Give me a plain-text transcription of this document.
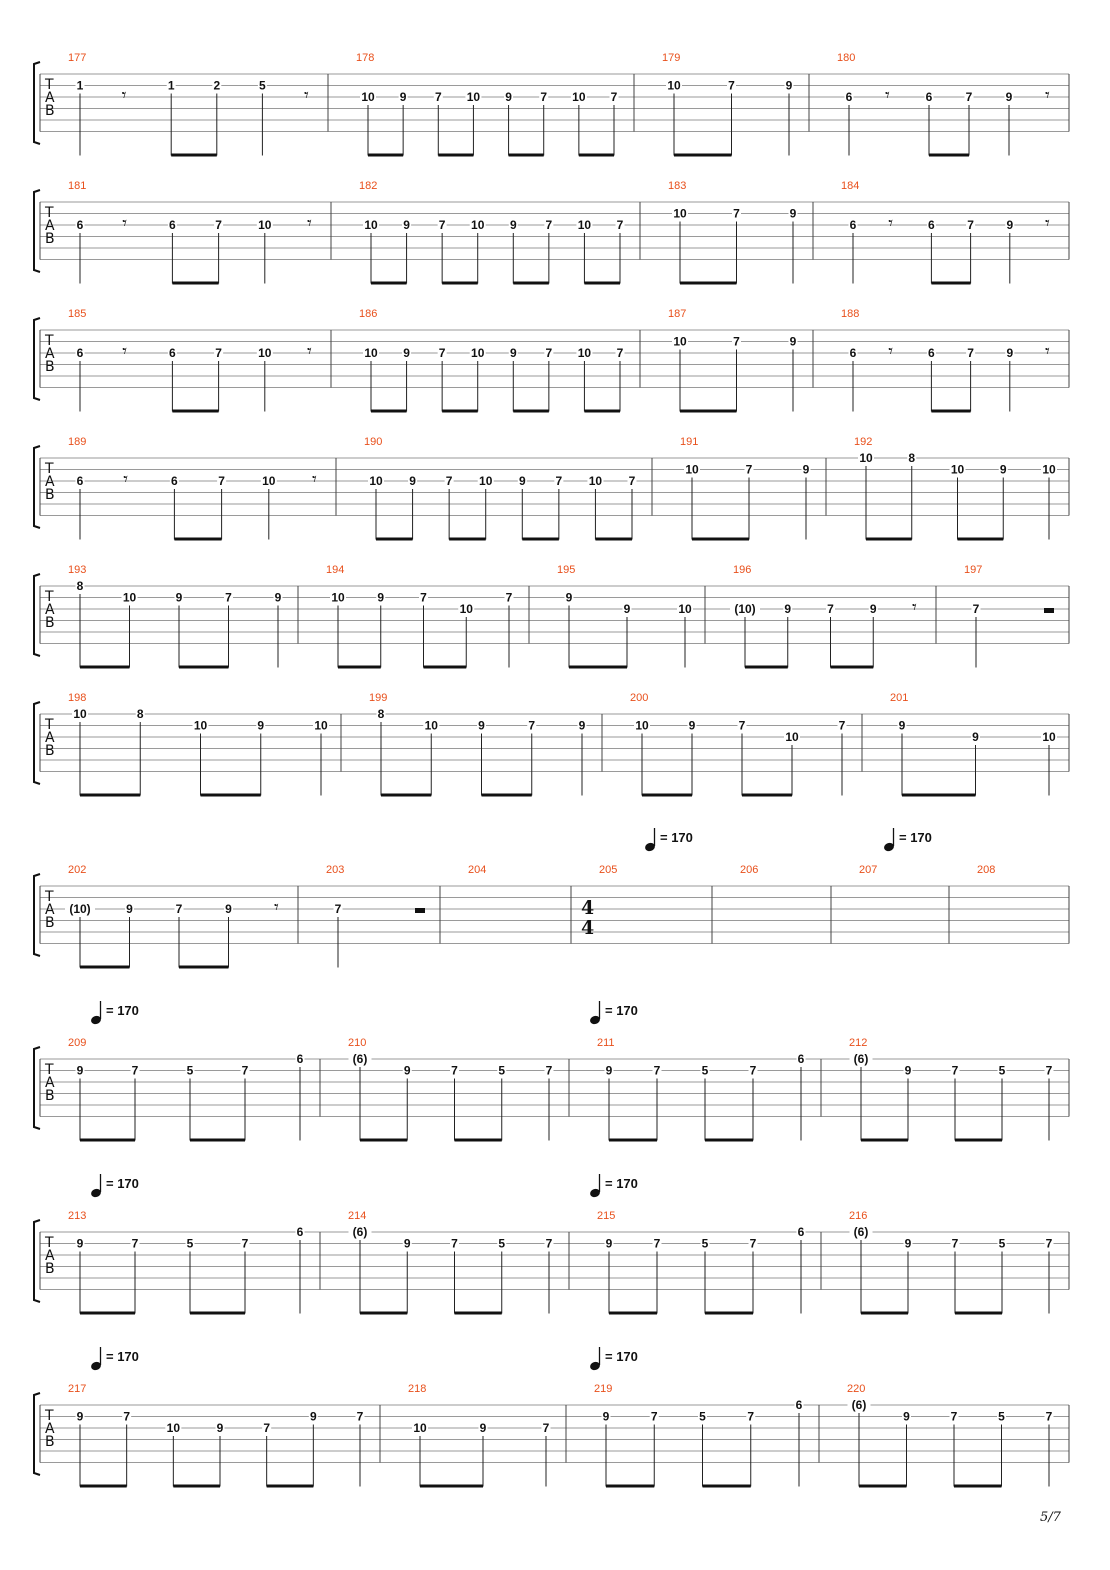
T
A
B
177
1 𝄾	1	2	5 𝄾
178
10 9 7 10 9 7 10 7
179
10	7	9
180
6 𝄾	6	7	9 𝄾
T
A
B
181
6 𝄾	6	7	10 𝄾
182
10 9 7 10 9 7 10 7
183
10	7	9
184
6 𝄾	6	7	9 𝄾
T
A
B
185
6 𝄾	6	7	10 𝄾
186
10 9 7 10 9 7 10 7
187
10	7	9
188
6 𝄾	6	7	9 𝄾
T
A
B
189
6 𝄾	6	7	10 𝄾
190
10 9 7 10 9 7 10 7
191
10	7	9
192
10	8
10	9	10
T
A
B
193
8
10	9	7	9
194
10	9	7
10
7
195
9
9	10
196
(10) 9	7	9 𝄾
197
7
T
A
B
198
10	8
10	9	10
199
8
10	9	7	9
200
10	9	7
10
7
201
9
9	10
T
A
B
= 170	= 170
202
(10)	9	7	9 𝄾
203
7
204	205
4
4
206	207	208
T
A
B
= 170	= 170
209
9	7	5	7
6
210
(6)
9	7	5	7
211
9	7	5	7
6
212
(6)
9	7	5	7
T
A
B
= 170	= 170
213
9	7	5	7
6
214
(6)
9	7	5	7
215
9	7	5	7
6
216
(6)
9	7	5	7
T
A
B
= 170	= 170
217
9	7
10	9	7
9	7
218
10	9	7
219
9	7	5	7
6
220
(6)
9	7	5	7
5/7
